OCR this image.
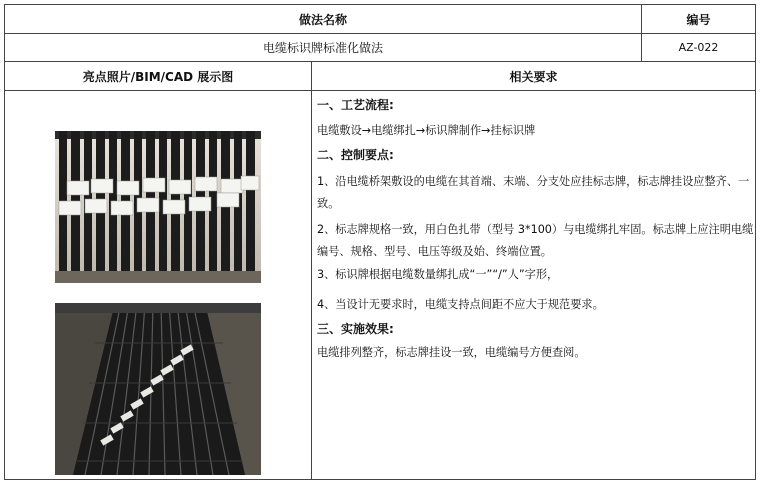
做法名称	编号
电缆标识牌标准化做法	AZ-022
亮点照片/BIM/CAD 展示图	相关要求

一、工艺流程:

电缆敷设→电缆绑扎→标识牌制作→挂标识牌

二、控制要点:

1、沿电缆桥架敷设的电缆在其首端、末端、分支处应挂标志牌，标志牌挂设应整齐、一致。

2、标志牌规格一致，用白色扎带（型号 3*100）与电缆绑扎牢固。标志牌上应注明电缆编号、规格、型号、电压等级及始、终端位置。

3、标识牌根据电缆数量绑扎成“一”“/”人”字形，

4、当设计无要求时，电缆支持点间距不应大于规范要求。

三、实施效果:

电缆排列整齐，标志牌挂设一致，电缆编号方便查阅。
